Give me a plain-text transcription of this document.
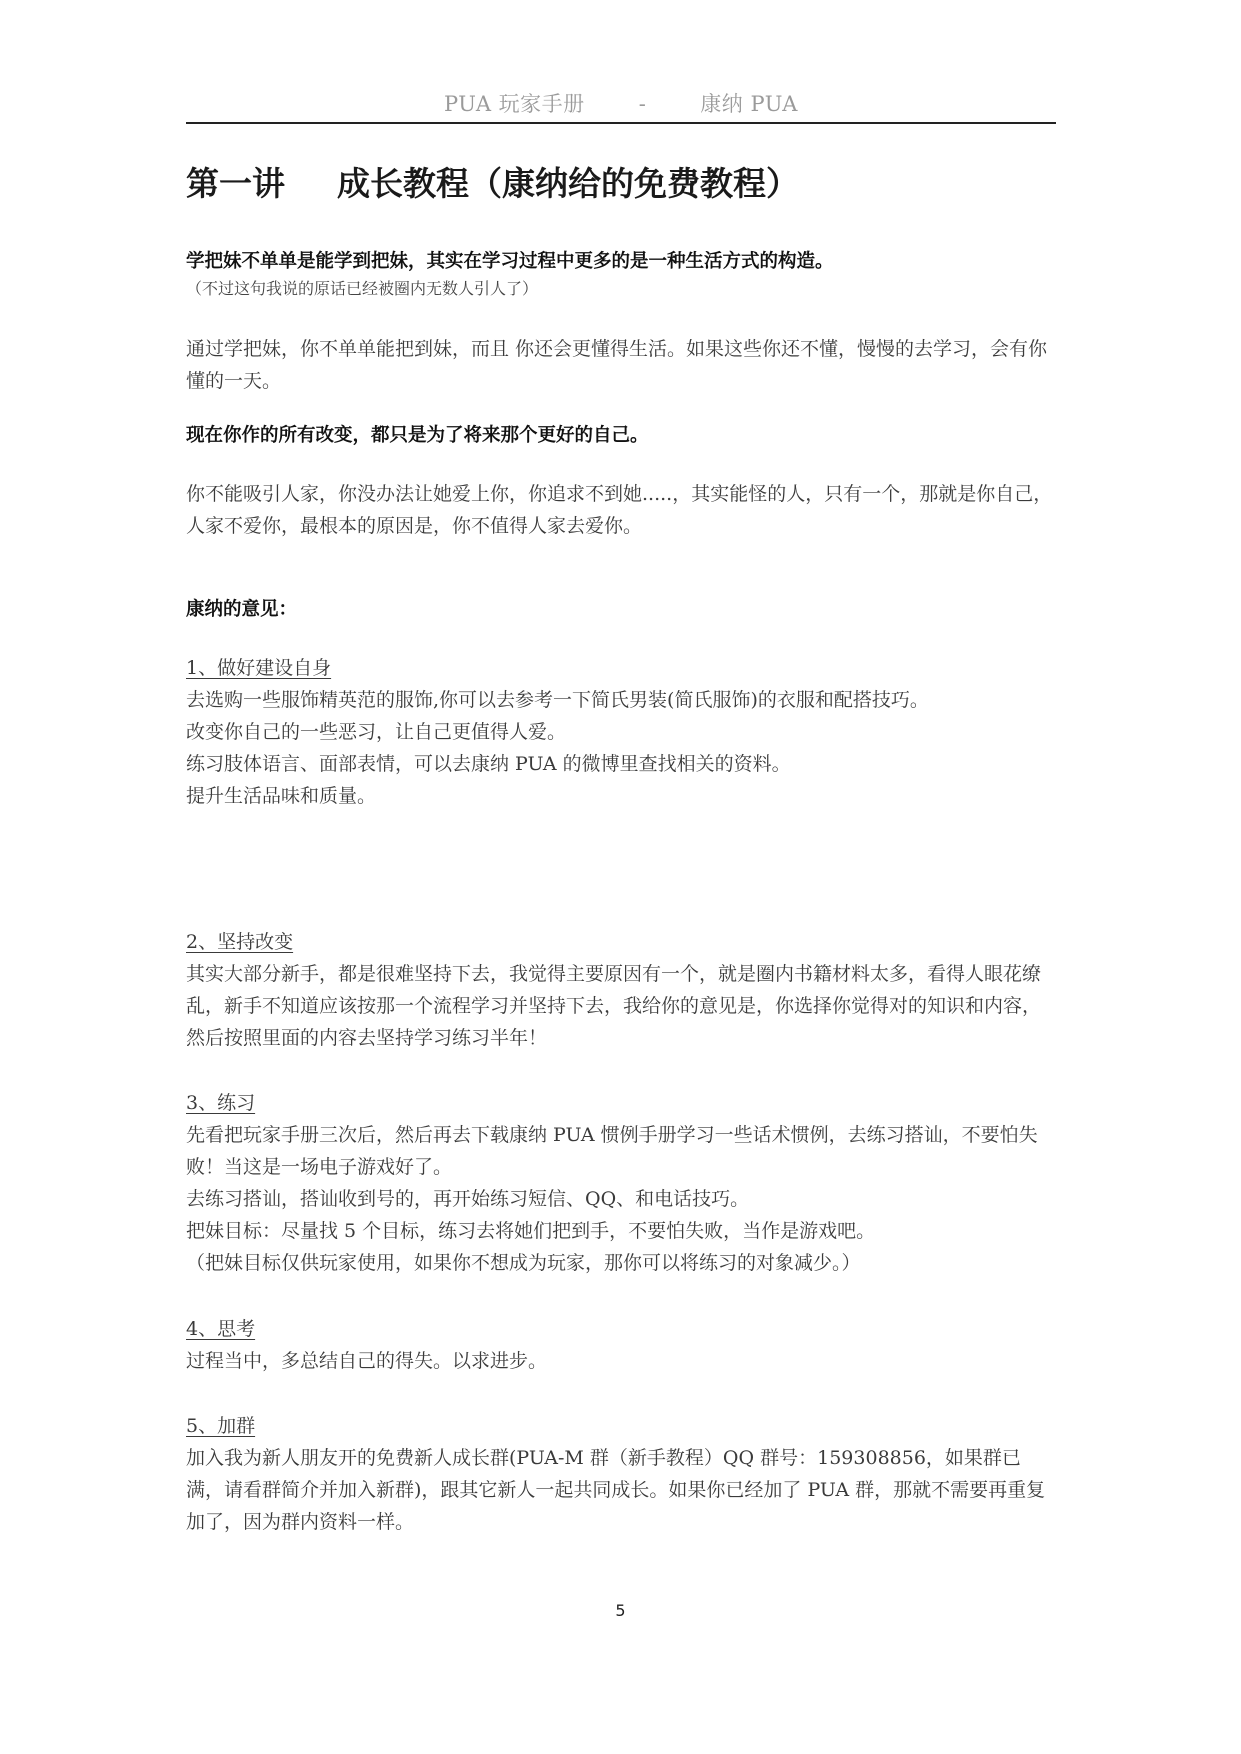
PUA 玩家手册	-	康纳 PUA
第一讲 成长教程（康纳给的免费教程）

学把妹不单单是能学到把妹，其实在学习过程中更多的是一种生活方式的构造。

（不过这句我说的原话已经被圈内无数人引人了）

通过学把妹，你不单单能把到妹，而且 你还会更懂得生活。如果这些你还不懂，慢慢的去学习，会有你懂的一天。

现在你作的所有改变，都只是为了将来那个更好的自己。

你不能吸引人家，你没办法让她爱上你，你追求不到她.....，其实能怪的人，只有一个，那就是你自己，人家不爱你，最根本的原因是，你不值得人家去爱你。

康纳的意见：

1、做好建设自身

去选购一些服饰精英范的服饰,你可以去参考一下简氏男装(简氏服饰)的衣服和配搭技巧。

改变你自己的一些恶习，让自己更值得人爱。

练习肢体语言、面部表情，可以去康纳 PUA 的微博里查找相关的资料。

提升生活品味和质量。

2、坚持改变

其实大部分新手，都是很难坚持下去，我觉得主要原因有一个，就是圈内书籍材料太多，看得人眼花缭乱，新手不知道应该按那一个流程学习并坚持下去，我给你的意见是，你选择你觉得对的知识和内容，然后按照里面的内容去坚持学习练习半年！

3、练习

先看把玩家手册三次后，然后再去下载康纳 PUA 惯例手册学习一些话术惯例，去练习搭讪，不要怕失败！当这是一场电子游戏好了。

去练习搭讪，搭讪收到号的，再开始练习短信、QQ、和电话技巧。

把妹目标：尽量找 5 个目标，练习去将她们把到手，不要怕失败，当作是游戏吧。

（把妹目标仅供玩家使用，如果你不想成为玩家，那你可以将练习的对象减少。）

4、思考

过程当中，多总结自己的得失。以求进步。

5、加群

加入我为新人朋友开的免费新人成长群(PUA-M 群（新手教程）QQ 群号：159308856，如果群已满，请看群简介并加入新群)，跟其它新人一起共同成长。如果你已经加了 PUA 群，那就不需要再重复加了，因为群内资料一样。

5
